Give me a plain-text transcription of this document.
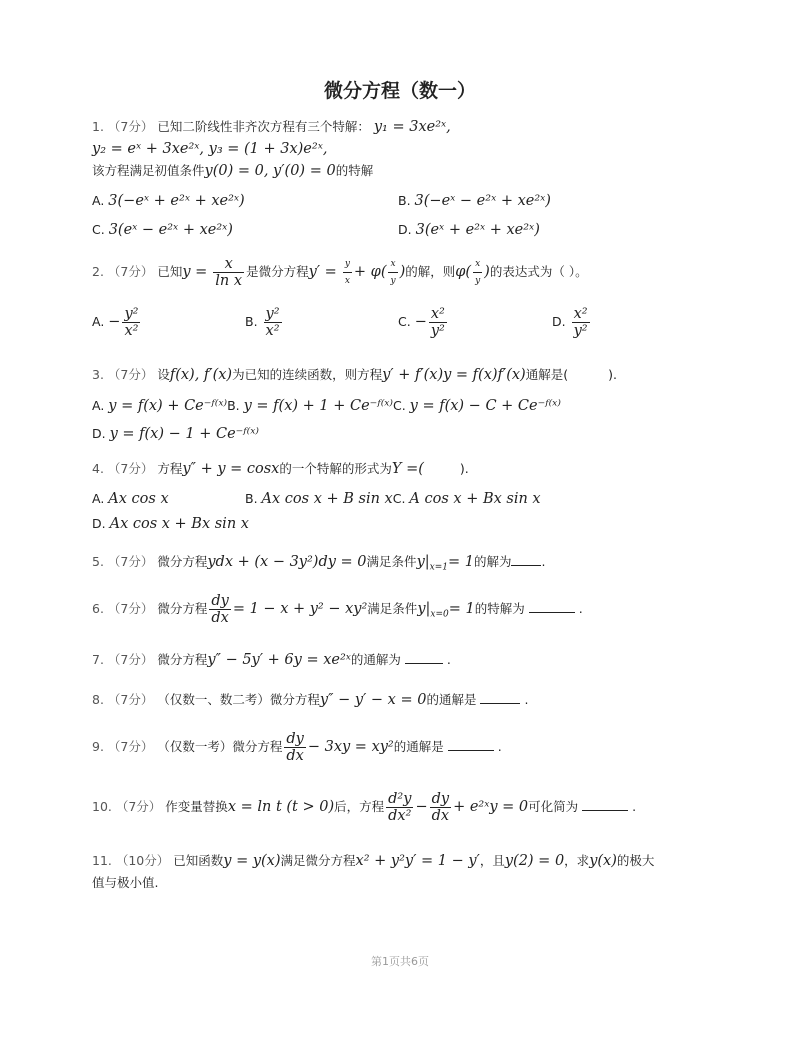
微分方程（数一）
1. （7分） 已知二阶线性非齐次方程有三个特解： y₁ = 3xe²ˣ,
y₂ = eˣ + 3xe²ˣ, y₃ = (1 + 3x)e²ˣ,
该方程满足初值条件y(0) = 0, y′(0) = 0的特解
A. 3(−eˣ + e²ˣ + xe²ˣ)	B. 3(−eˣ − e²ˣ + xe²ˣ)
C. 3(eˣ − e²ˣ + xe²ˣ)	D. 3(eˣ + e²ˣ + xe²ˣ)
2. （7分） 已知$y = \frac{x}{\text{ln x}}$ 是微分方程$y' = \frac{y}{x} + \varphi( \frac{x}{y}$ )的解，则$\varphi( \frac{x}{y}$ )的表达式为（ ）。
A. − $\frac{\text{y²}}{\text{x²}}$	B. $\frac{\text{y²}}{\text{x²}}$	C. − $\frac{\text{x²}}{\text{y²}}$	D. $\frac{\text{x²}}{\text{y²}}$
3. （7分） 设f(x), f′(x)为已知的连续函数，则方程y′ + f′(x)y = f(x)f′(x)通解是(	).
A. y = f(x) + Ce⁻ᶠ⁽ˣ⁾B. y = f(x) + 1 + Ce⁻ᶠ⁽ˣ⁾C. y = f(x) − C + Ce⁻ᶠ⁽ˣ⁾
D. y = f(x) − 1 + Ce⁻ᶠ⁽ˣ⁾
4. （7分） 方程y″ + y = cosx的一个特解的形式为Y =(	).
A. Ax cos x	B. Ax cos x + B sin xC. A cos x + Bx sin x
D. Ax cos x + Bx sin x
5. （7分） 微分方程ydx + (x − 3y²)dy = 0满足条件$y|_{x=1}= 1$的解为 .
6. （7分） 微分方程 $\frac{dy}{dx} = 1 - x + y^2 - xy^2$满足条件$y|_{x=0}= 1$的特解为	.
7. （7分） 微分方程y″ − 5y′ + 6y = xe²ˣ的通解为	.
8. （7分） （仅数一、数二考）微分方程y″ − y′ − x = 0的通解是	.
9. （7分） （仅数一考）微分方程 $\frac{dy}{dx} - 3xy = xy^2$的通解是	.
10. （7分） 作变量替换x = ln t (t > 0)后，方程 $\frac{\text{d²y}}{\text{dx²}} - \frac{dy}{dx}$ + e²ˣy = 0可化简为	.
11. （10分） 已知函数y = y(x)满足微分方程x² + y²y′ = 1 − y′，且y(2) = 0，求y(x)的极大
值与极小值.
第1页共6页
